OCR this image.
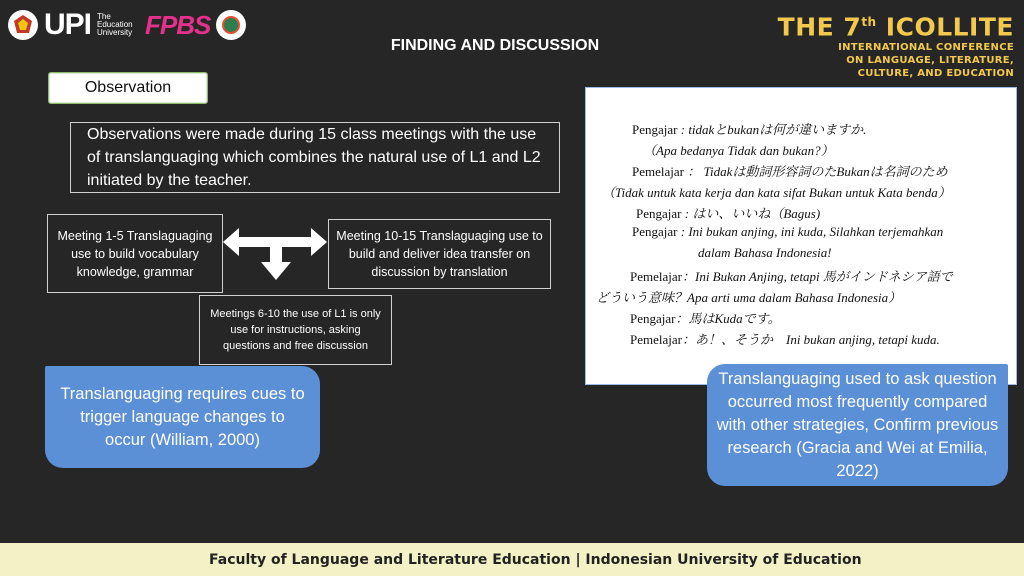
UPI The Education University FPBS	THE 7th ICOLLITE
INTERNATIONAL CONFERENCE
ON LANGUAGE, LITERATURE,
CULTURE, AND EDUCATION
FINDING AND DISCUSSION
Observation
Observations were made during 15 class meetings with the use of translanguaging which combines the natural use of L1 and L2 initiated by the teacher.
Meeting 1-5 Translaguaging use to build vocabulary knowledge, grammar
Meeting 10-15 Translaguaging use to build and deliver idea transfer on discussion by translation
Meetings 6-10 the use of L1 is only use for instructions, asking questions and free discussion
Translanguaging requires cues to trigger language changes to occur (William, 2000)
Pengajar : tidakとbukanは何が違いますか.
（Apa bedanya Tidak dan bukan?）
Pemelajar ： Tidakは動詞形容詞のたBukanは名詞のため
（Tidak untuk kata kerja dan kata sifat Bukan untuk Kata benda）
Pengajar : はい、いいね（Bagus)
Pengajar : Ini bukan anjing, ini kuda, Silahkan terjemahkan
dalam Bahasa Indonesia!
Pemelajar：Ini Bukan Anjing, tetapi 馬がインドネシア語で
どういう意味？Apa arti uma dalam Bahasa Indonesia）
Pengajar：馬はKudaです。
Pemelajar：あ！、そうか　Ini bukan anjing, tetapi kuda.
Translanguaging used to ask question occurred most frequently compared with other strategies, Confirm previous research (Gracia and Wei at Emilia, 2022)
Faculty of Language and Literature Education | Indonesian University of Education
